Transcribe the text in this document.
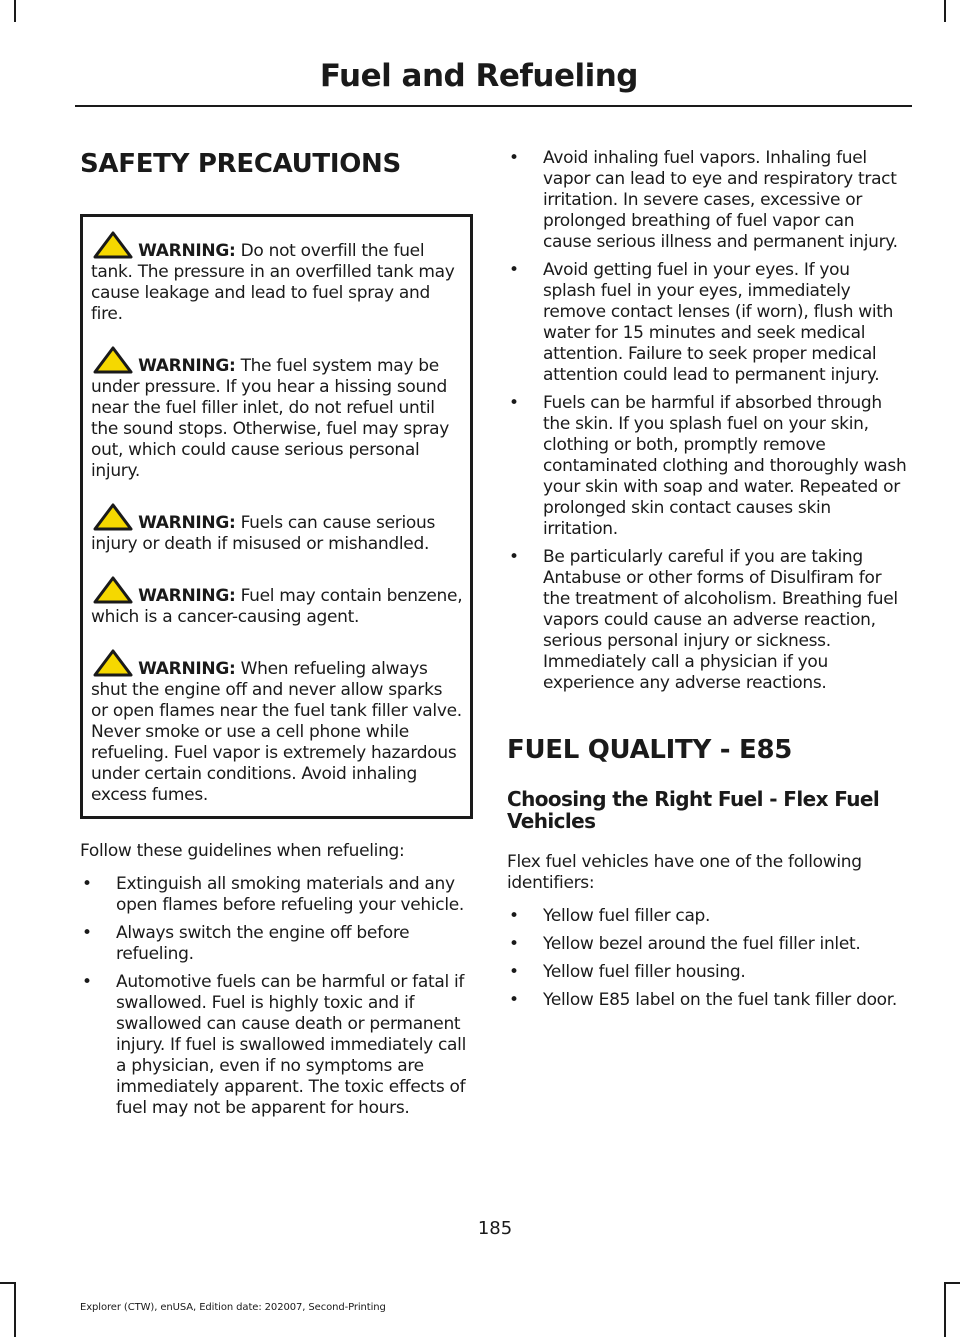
Fuel and Refueling
SAFETY PRECAUTIONS
WARNING: Do not overfill the fuel tank. The pressure in an overfilled tank may cause leakage and lead to fuel spray and fire.
WARNING: The fuel system may be under pressure. If you hear a hissing sound near the fuel filler inlet, do not refuel until the sound stops. Otherwise, fuel may spray out, which could cause serious personal injury.
WARNING: Fuels can cause serious injury or death if misused or mishandled.
WARNING: Fuel may contain benzene, which is a cancer-causing agent.
WARNING: When refueling always shut the engine off and never allow sparks or open flames near the fuel tank filler valve. Never smoke or use a cell phone while refueling. Fuel vapor is extremely hazardous under certain conditions. Avoid inhaling excess fumes.
Follow these guidelines when refueling:
• Extinguish all smoking materials and any open flames before refueling your vehicle.
• Always switch the engine off before refueling.
• Automotive fuels can be harmful or fatal if swallowed. Fuel is highly toxic and if swallowed can cause death or permanent injury. If fuel is swallowed immediately call a physician, even if no symptoms are immediately apparent. The toxic effects of fuel may not be apparent for hours.
• Avoid inhaling fuel vapors. Inhaling fuel vapor can lead to eye and respiratory tract irritation. In severe cases, excessive or prolonged breathing of fuel vapor can cause serious illness and permanent injury.
• Avoid getting fuel in your eyes. If you splash fuel in your eyes, immediately remove contact lenses (if worn), flush with water for 15 minutes and seek medical attention. Failure to seek proper medical attention could lead to permanent injury.
• Fuels can be harmful if absorbed through the skin. If you splash fuel on your skin, clothing or both, promptly remove contaminated clothing and thoroughly wash your skin with soap and water. Repeated or prolonged skin contact causes skin irritation.
• Be particularly careful if you are taking Antabuse or other forms of Disulfiram for the treatment of alcoholism. Breathing fuel vapors could cause an adverse reaction, serious personal injury or sickness. Immediately call a physician if you experience any adverse reactions.
FUEL QUALITY - E85
Choosing the Right Fuel - Flex Fuel Vehicles
Flex fuel vehicles have one of the following identifiers:
• Yellow fuel filler cap.
• Yellow bezel around the fuel filler inlet.
• Yellow fuel filler housing.
• Yellow E85 label on the fuel tank filler door.
185
Explorer (CTW), enUSA, Edition date: 202007, Second-Printing
